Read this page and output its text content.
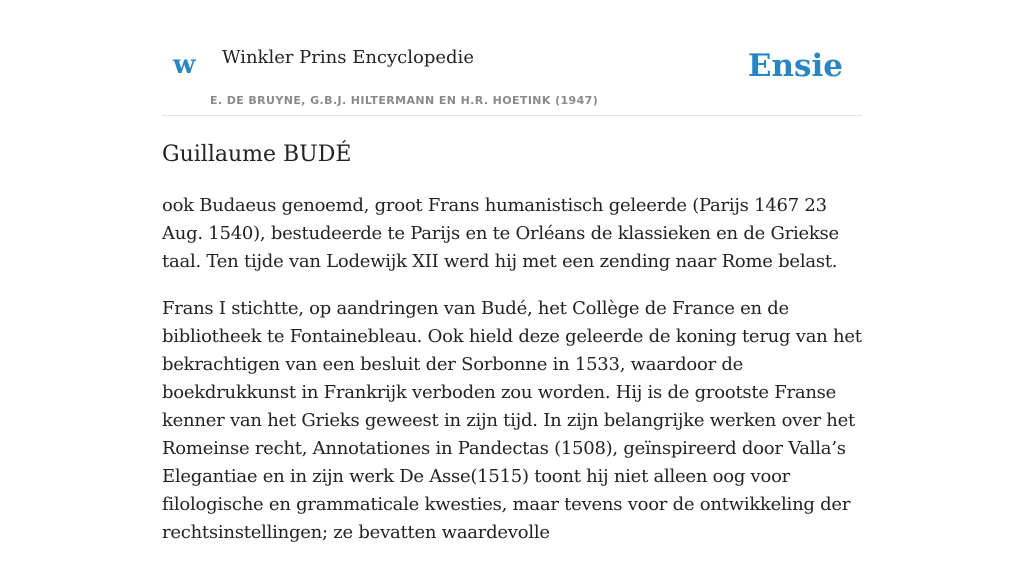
w Winkler Prins Encyclopedie
E. DE BRUYNE, G.B.J. HILTERMANN EN H.R. HOETINK (1947)
Ensie
Guillaume BUDÉ

ook Budaeus genoemd, groot Frans humanistisch geleerde (Parijs 1467 23 Aug. 1540), bestudeerde te Parijs en te Orléans de klassieken en de Griekse taal. Ten tijde van Lodewijk XII werd hij met een zending naar Rome belast.

Frans I stichtte, op aandringen van Budé, het Collège de France en de bibliotheek te Fontainebleau. Ook hield deze geleerde de koning terug van het bekrachtigen van een besluit der Sorbonne in 1533, waardoor de boekdrukkunst in Frankrijk verboden zou worden. Hij is de grootste Franse kenner van het Grieks geweest in zijn tijd. In zijn belangrijke werken over het Romeinse recht, Annotationes in Pandectas (1508), geïnspireerd door Valla’s Elegantiae en in zijn werk De Asse(1515) toont hij niet alleen oog voor filologische en grammaticale kwesties, maar tevens voor de ontwikkeling der rechtsinstellingen; ze bevatten waardevolle
